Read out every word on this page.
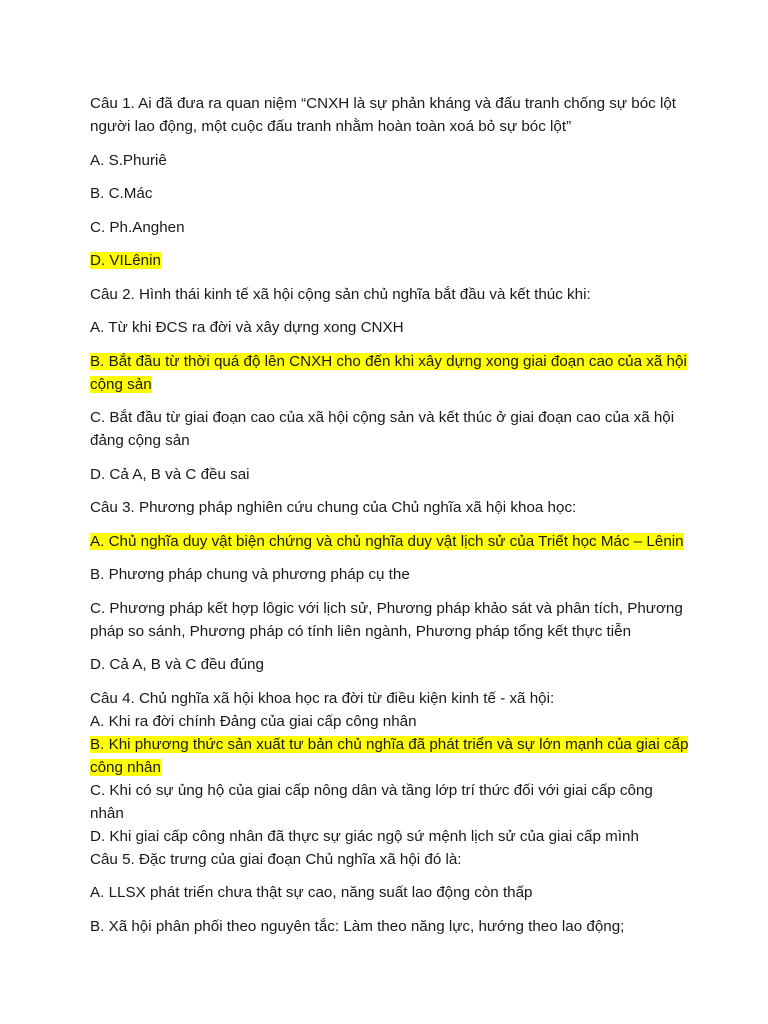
Câu 1. Ai đã đưa ra quan niệm “CNXH là sự phản kháng và đấu tranh chống sự bóc lột người lao động, một cuộc đấu tranh nhằm hoàn toàn xoá bỏ sự bóc lột”

A. S.Phuriê

B. C.Mác

C. Ph.Anghen

D. VILênin

Câu 2. Hình thái kinh tế xã hội cộng sản chủ nghĩa bắt đầu và kết thúc khi:

A. Từ khi ĐCS ra đời và xây dựng xong CNXH

B. Bắt đầu từ thời quá độ lên CNXH cho đến khi xây dựng xong giai đoạn cao của xã hội cộng sản

C. Bắt đầu từ giai đoạn cao của xã hội cộng sản và kết thúc ở giai đoạn cao của xã hội đảng cộng sản

D. Cả A, B và C đều sai

Câu 3. Phương pháp nghiên cứu chung của Chủ nghĩa xã hội khoa học:

A. Chủ nghĩa duy vật biện chứng và chủ nghĩa duy vật lịch sử của Triết học Mác – Lênin

B. Phương pháp chung và phương pháp cụ the

C. Phương pháp kết hợp lôgic với lịch sử, Phương pháp khảo sát và phân tích, Phương pháp so sánh, Phương pháp có tính liên ngành, Phương pháp tổng kết thực tiễn

D. Cả A, B và C đều đúng

Câu 4. Chủ nghĩa xã hội khoa học ra đời từ điều kiện kinh tế - xã hội:

A. Khi ra đời chính Đảng của giai cấp công nhân

B. Khi phương thức sản xuất tư bản chủ nghĩa đã phát triển và sự lớn mạnh của giai cấp công nhân

C. Khi có sự ủng hộ của giai cấp nông dân và tầng lớp trí thức đối với giai cấp công nhân

D. Khi giai cấp công nhân đã thực sự giác ngộ sứ mệnh lịch sử của giai cấp mình

Câu 5. Đặc trưng của giai đoạn Chủ nghĩa xã hội đó là:

A. LLSX phát triển chưa thật sự cao, năng suất lao động còn thấp

B. Xã hội phân phối theo nguyên tắc: Làm theo năng lực, hướng theo lao động;
